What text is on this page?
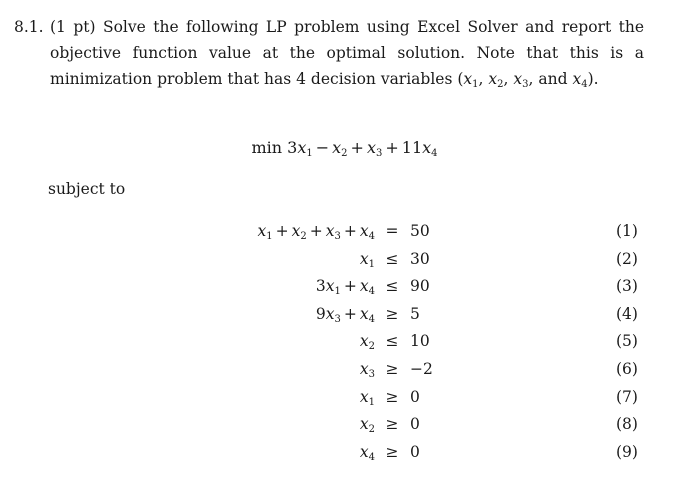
8.1. (1 pt) Solve the following LP problem using Excel Solver and report the objective function value at the optimal solution. Note that this is a minimization problem that has 4 decision variables ($x_1$, $x_2$, $x_3$, and $x_4$).
$\min 3x_1 - x_2 + x_3 + 11x_4$
subject to
$x_1 + x_2 + x_3 + x_4 = 50$	(1)
$x_1 \le 30$	(2)
$3x_1 + x_4 \le 90$	(3)
$9x_3 + x_4 \ge 5$	(4)
$x_2 \le 10$	(5)
$x_3 \ge -2$	(6)
$x_1 \ge 0$	(7)
$x_2 \ge 0$	(8)
$x_4 \ge 0$	(9)
